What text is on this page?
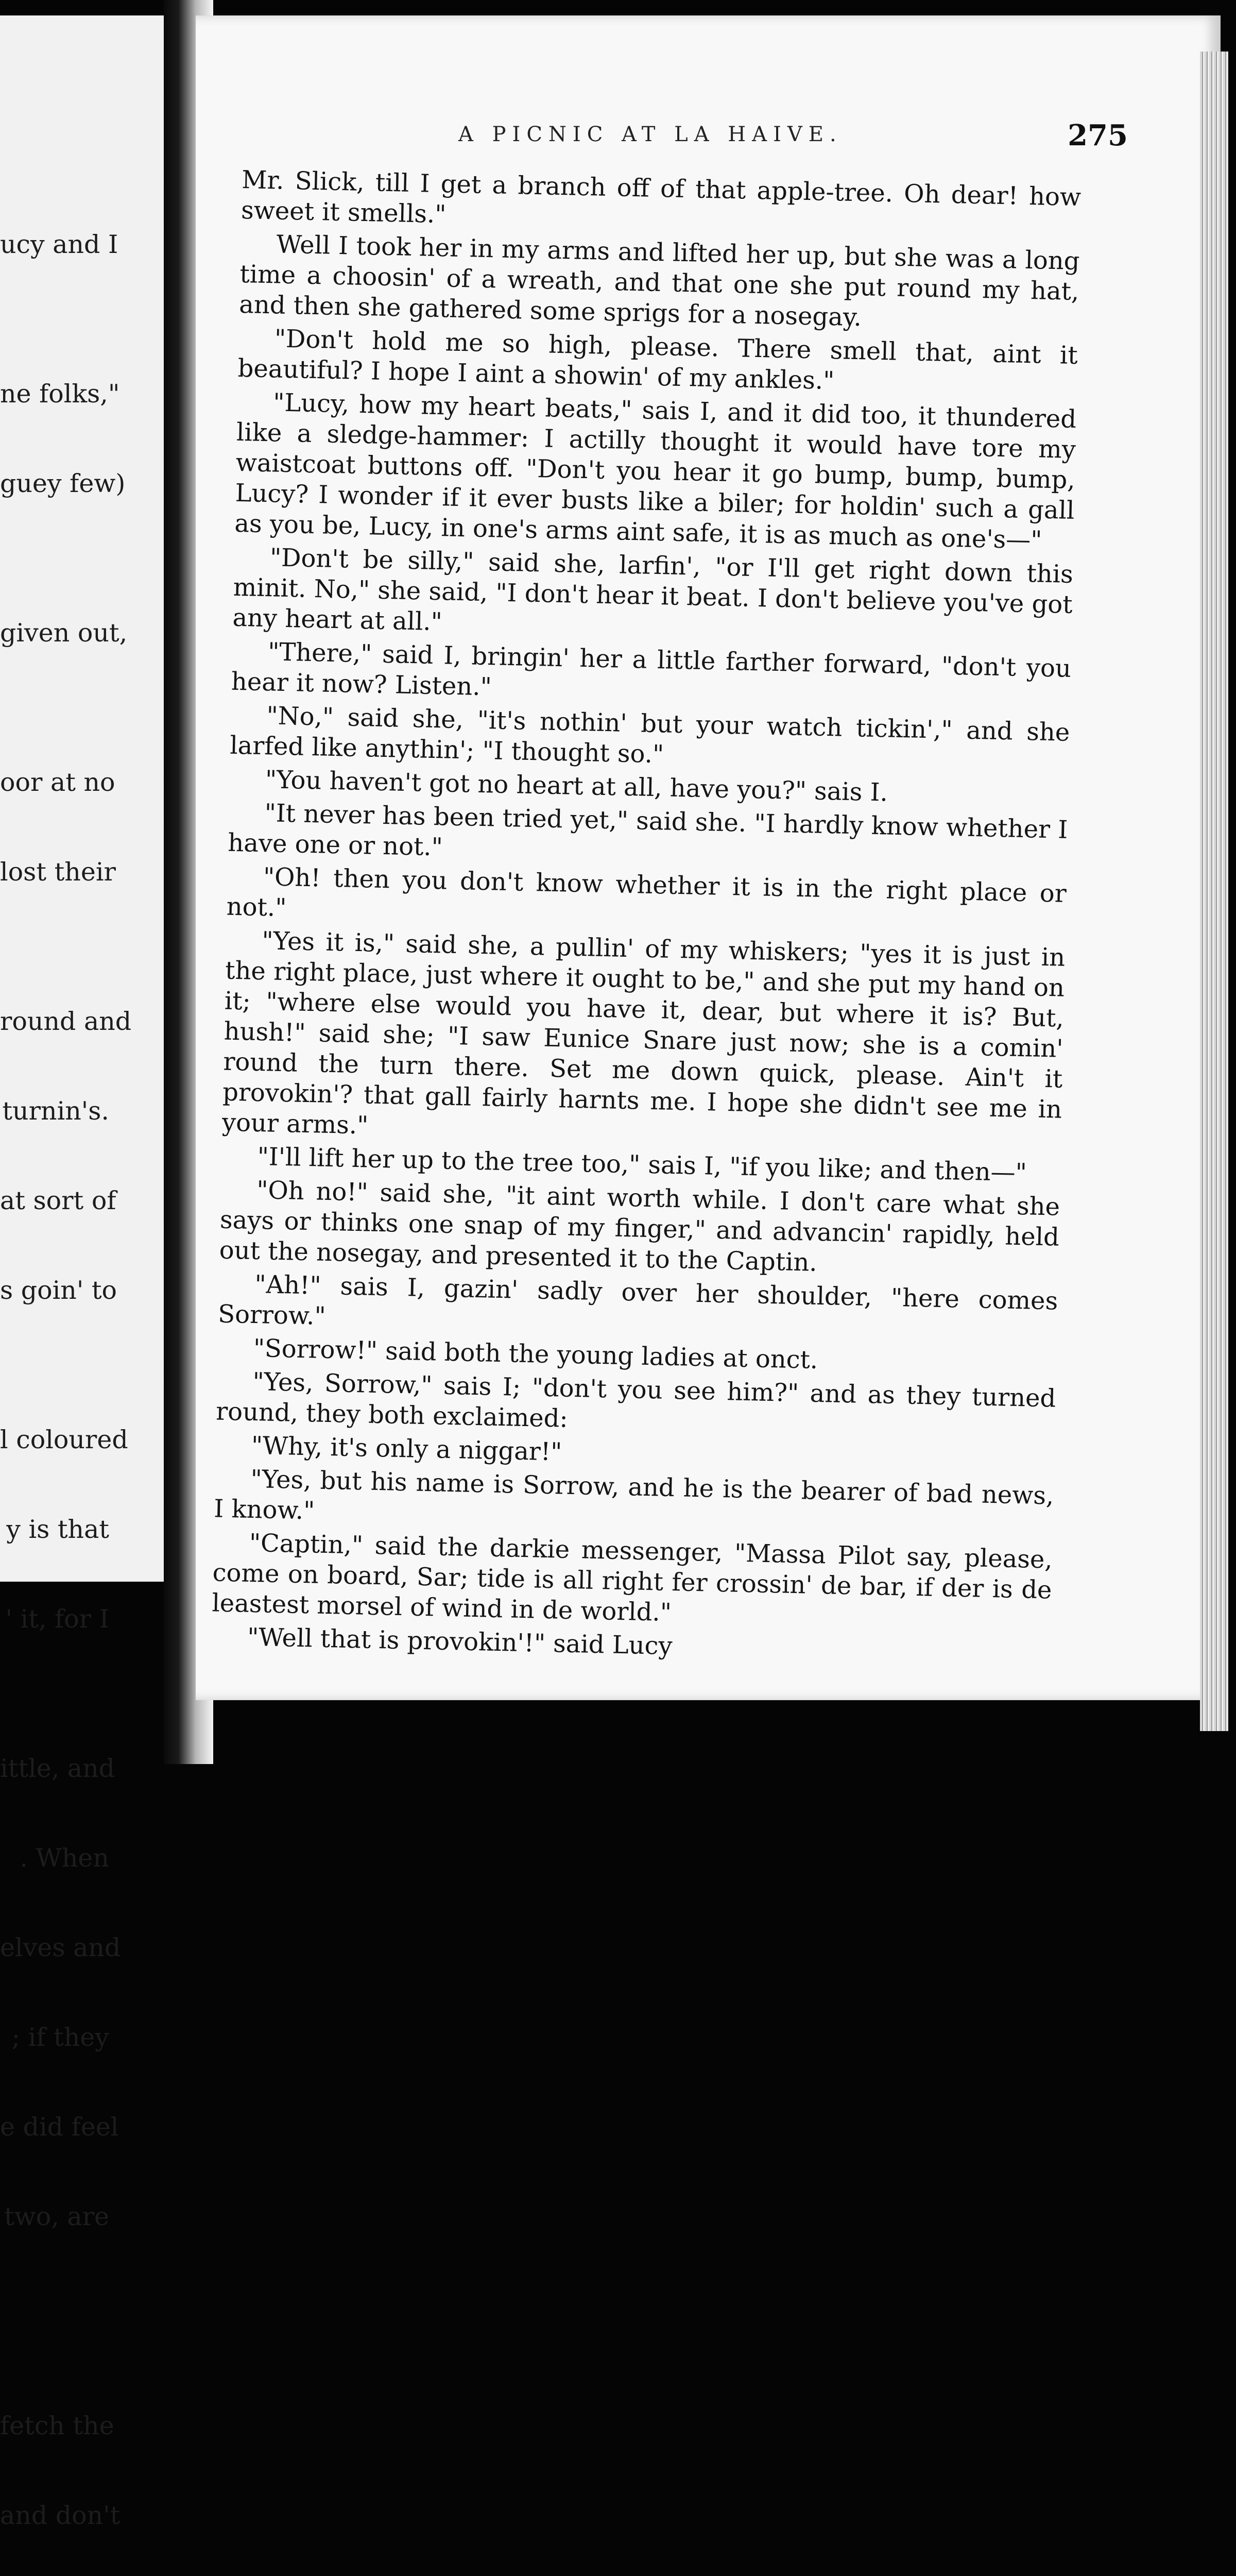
ucy and I

ne folks,"

guey few)

given out,

oor at no

lost their

round and

turnin's.

at sort of

s goin' to

l coloured

y is that

' it, for I

ittle, and

. When

elves and

; if they

e did feel

two, are

fetch the

and don't

A PICNIC AT LA HAIVE.	275

Mr. Slick, till I get a branch off of that apple-tree. Oh dear! how sweet it smells."

Well I took her in my arms and lifted her up, but she was a long time a choosin' of a wreath, and that one she put round my hat, and then she gathered some sprigs for a nosegay.

"Don't hold me so high, please. There smell that, aint it beautiful? I hope I aint a showin' of my ankles."

"Lucy, how my heart beats," sais I, and it did too, it thundered like a sledge-hammer: I actilly thought it would have tore my waistcoat buttons off. "Don't you hear it go bump, bump, bump, Lucy? I wonder if it ever busts like a biler; for holdin' such a gall as you be, Lucy, in one's arms aint safe, it is as much as one's—"

"Don't be silly," said she, larfin', "or I'll get right down this minit. No," she said, "I don't hear it beat. I don't believe you've got any heart at all."

"There," said I, bringin' her a little farther forward, "don't you hear it now? Listen."

"No," said she, "it's nothin' but your watch tickin'," and she larfed like anythin'; "I thought so."

"You haven't got no heart at all, have you?" sais I.

"It never has been tried yet," said she. "I hardly know whether I have one or not."

"Oh! then you don't know whether it is in the right place or not."

"Yes it is," said she, a pullin' of my whiskers; "yes it is just in the right place, just where it ought to be," and she put my hand on it; "where else would you have it, dear, but where it is? But, hush!" said she; "I saw Eunice Snare just now; she is a comin' round the turn there. Set me down quick, please. Ain't it provokin'? that gall fairly harnts me. I hope she didn't see me in your arms."

"I'll lift her up to the tree too," sais I, "if you like; and then—"

"Oh no!" said she, "it aint worth while. I don't care what she says or thinks one snap of my finger," and advancin' rapidly, held out the nosegay, and presented it to the Captin.

"Ah!" sais I, gazin' sadly over her shoulder, "here comes Sorrow."

"Sorrow!" said both the young ladies at onct.

"Yes, Sorrow," sais I; "don't you see him?" and as they turned round, they both exclaimed:

"Why, it's only a niggar!"

"Yes, but his name is Sorrow, and he is the bearer of bad news, I know."

"Captin," said the darkie messenger, "Massa Pilot say, please, come on board, Sar; tide is all right fer crossin' de bar, if der is de leastest morsel of wind in de world."

"Well that is provokin'!" said Lucy
